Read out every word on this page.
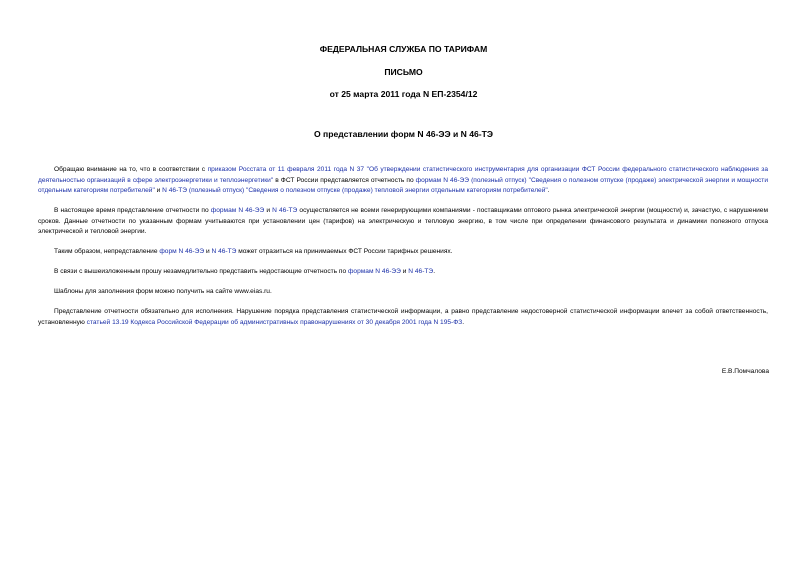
ФЕДЕРАЛЬНАЯ СЛУЖБА ПО ТАРИФАМ
ПИСЬМО
от 25 марта 2011 года N ЕП-2354/12
О представлении форм N 46-ЭЭ и N 46-ТЭ

Обращаю внимание на то, что в соответствии с приказом Росстата от 11 февраля 2011 года N 37 "Об утверждении статистического инструментария для организации ФСТ России федерального статистического наблюдения за деятельностью организаций в сфере электроэнергетики и теплоэнергетики" в ФСТ России представляется отчетность по формам N 46-ЭЭ (полезный отпуск) "Сведения о полезном отпуске (продаже) электрической энергии и мощности отдельным категориям потребителей" и N 46-ТЭ (полезный отпуск) "Сведения о полезном отпуске (продаже) тепловой энергии отдельным категориям потребителей".

В настоящее время представление отчетности по формам N 46-ЭЭ и N 46-ТЭ осуществляется не всеми генерирующими компаниями - поставщиками оптового рынка электрической энергии (мощности) и, зачастую, с нарушением сроков. Данные отчетности по указанным формам учитываются при установлении цен (тарифов) на электрическую и тепловую энергию, в том числе при определении финансового результата и динамики полезного отпуска электрической и тепловой энергии.

Таким образом, непредставление форм N 46-ЭЭ и N 46-ТЭ может отразиться на принимаемых ФСТ России тарифных решениях.

В связи с вышеизложенным прошу незамедлительно представить недостающие отчетность по формам N 46-ЭЭ и N 46-ТЭ.

Шаблоны для заполнения форм можно получить на сайте www.eias.ru.

Представление отчетности обязательно для исполнения. Нарушение порядка представления статистической информации, а равно представление недостоверной статистической информации влечет за собой ответственность, установленную статьей 13.19 Кодекса Российской Федерации об административных правонарушениях от 30 декабря 2001 года N 195-ФЗ.

Е.В.Помчалова
